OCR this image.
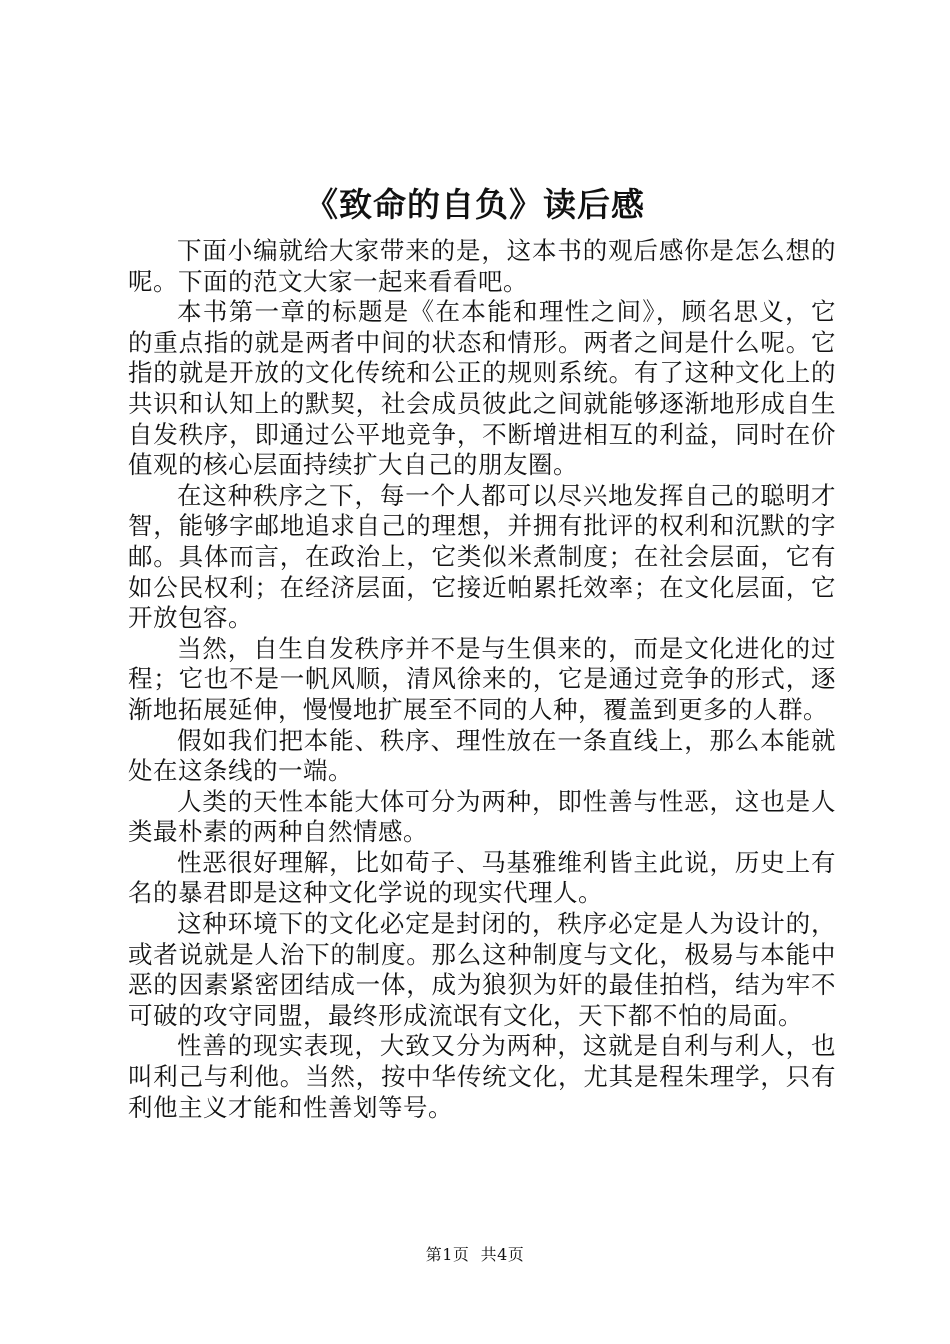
《致命的自负》读后感

下面小编就给大家带来的是，这本书的观后感你是怎么想的呢。下面的范文大家一起来看看吧。

本书第一章的标题是《在本能和理性之间》，顾名思义，它的重点指的就是两者中间的状态和情形。两者之间是什么呢。它指的就是开放的文化传统和公正的规则系统。有了这种文化上的共识和认知上的默契，社会成员彼此之间就能够逐渐地形成自生自发秩序，即通过公平地竞争，不断增进相互的利益，同时在价值观的核心层面持续扩大自己的朋友圈。

在这种秩序之下，每一个人都可以尽兴地发挥自己的聪明才智，能够字邮地追求自己的理想，并拥有批评的权利和沉默的字邮。具体而言，在政治上，它类似米煮制度；在社会层面，它有如公民权利；在经济层面，它接近帕累托效率；在文化层面，它开放包容。

当然，自生自发秩序并不是与生俱来的，而是文化进化的过程；它也不是一帆风顺，清风徐来的，它是通过竞争的形式，逐渐地拓展延伸，慢慢地扩展至不同的人种，覆盖到更多的人群。

假如我们把本能、秩序、理性放在一条直线上，那么本能就处在这条线的一端。

人类的天性本能大体可分为两种，即性善与性恶，这也是人类最朴素的两种自然情感。

性恶很好理解，比如荀子、马基雅维利皆主此说，历史上有名的暴君即是这种文化学说的现实代理人。

这种环境下的文化必定是封闭的，秩序必定是人为设计的，或者说就是人治下的制度。那么这种制度与文化，极易与本能中恶的因素紧密团结成一体，成为狼狈为奸的最佳拍档，结为牢不可破的攻守同盟，最终形成流氓有文化，天下都不怕的局面。

性善的现实表现，大致又分为两种，这就是自利与利人，也叫利己与利他。当然，按中华传统文化，尤其是程朱理学，只有利他主义才能和性善划等号。

第1页 共4页
